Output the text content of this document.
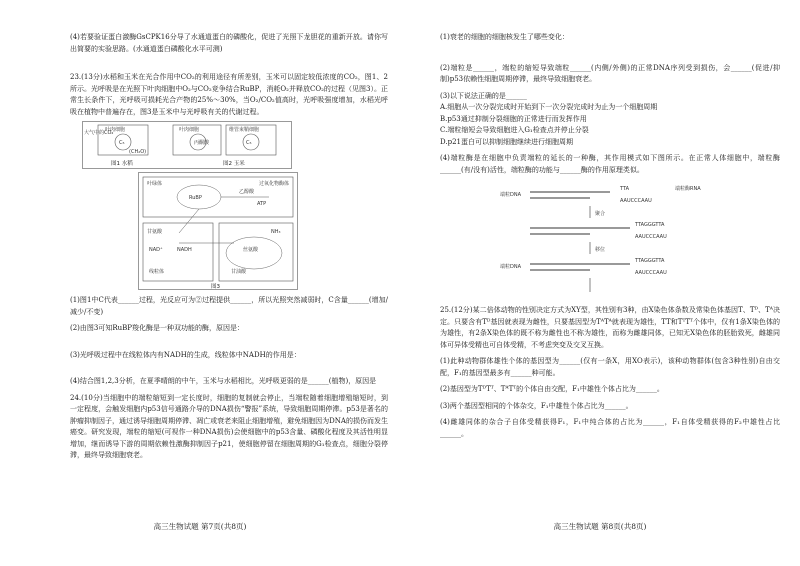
(4)若要验证蛋白激酶GsCPK16分导了水通道蛋白的磷酸化，促进了光照下龙胆花的重新开放。请你写出简要的实验思路。(水通道蛋白磷酸化水平可测)

23.(13分)水稻和玉米在光合作用中CO₂的利用途径有所差别，玉米可以固定较低浓度的CO₂，图1、2所示。光呼吸是在光照下叶肉细胞中O₂与CO₂竞争结合RuBP，消耗O₂并释放CO₂的过程（见图3）。正常生长条件下，光呼吸可损耗光合产物的25%～30%，当O₂/CO₂值高时，光呼吸强度增加，水稻光呼吸在植物中普遍存在，图3是玉米中与光呼吸有关的代谢过程。

大气中的CO₂
叶肉细胞	叶肉细胞	维管束鞘细胞
C₅	丙酮酸	C₅
(CH₂O)
图1 水稻	图2 玉米
叶绿体	过氧化物酶体
RuBP
乙醇酸
ATP
甘氨酸
NAD⁺	NADH
线粒体
丝氨酸
NH₃
甘油酸
图3

(1)图1中C代表______过程，光反应可为②过程提供______，所以光照突然减弱时，C含量______(增加/减少/不变)

(2)由图3可知RuBP羧化酶是一种双功能的酶，原因是：

(3)光呼吸过程中在线粒体内有NADH的生成，线粒体中NADH的作用是：

(4)结合图1,2,3分析，在夏季晴朗的中午，玉米与水稻相比，光呼吸更弱的是______(植物)，原因是

24.(10分)当细胞中的端粒缩短到一定长度时，细胞的复制就会停止，当端粒随着细胞增殖缩短时，到一定程度，会触发细胞内p53信号通路介导的DNA损伤“警报”系统，导致细胞周期停滞。p53是著名的肿瘤抑制因子，通过诱导细胞周期停滞、凋亡或衰老来阻止细胞增殖，避免细胞因为DNA的损伤而发生癌变。研究发现，端粒的缩短(可视作一种DNA损伤)会使细胞中的p53含量、磷酸化程度及其活性明显增加，继而诱导下游的周期依赖性激酶抑制因子p21，使细胞停留在细胞周期的G₁检查点，细胞分裂停滞，最终导致细胞衰老。

高三生物试题 第7页(共8页)

(1)衰老的细胞的细胞核发生了哪些变化：

(2)端粒是______，端粒的缩短导致端粒______(内侧/外侧)的正常DNA序列受到损伤，会______(促进/抑制)p53依赖性细胞周期停滞，最终导致细胞衰老。

(3)以下说法正确的是______

A.细胞从一次分裂完成时开始到下一次分裂完成时为止为一个细胞周期

B.p53通过抑制分裂细胞的正常进行而发挥作用

C.端粒缩短会导致细胞进入G₁检查点并停止分裂

D.p21蛋白可以抑制细胞继续进行细胞周期

(4)端粒酶是在细胞中负责端粒的延长的一种酶，其作用模式如下图所示。在正常人体细胞中，端粒酶______(有/没有)活性，端粒酶的功能与______酶的作用原理类似。

TTA
AAUCCCAAU
端粒DNA
端粒酶RNA
聚合
TTAGGGTTA
AAUCCCAAU
移位
TTAGGGTTA
AAUCCCAAU
端粒DNA

25.(12分)某二倍体动物的性别决定方式为XY型，其性别有3种，由X染色体条数及常染色体基因T、Tᴰ、Tᴬ决定。只要含有Tᴰ基因就表现为雌性，只要基因型为TᴬTᴬ就表现为雄性，TT和TᵀTᵀ个体中，仅有1条X染色体的为雄性，有2条X染色体的既不称为雌性也不称为雄性，而称为雌雄同体，已知无X染色体的胚胎致死，雌雄同体可异体受精也可自体受精，不考虑突变及交叉互换。

(1)此种动物群体雄性个体的基因型为______(仅有一条X，用XO表示)，该种动物群体(包含3种性别)自由交配，F₁的基因型最多有______种可能。

(2)基因型为TᴰTᵀ、TᴬTᵀ的个体自由交配，F₁中雄性个体占比为______。

(3)两个基因型相同的个体杂交，F₁中雄性个体占比为______。

(4)雌雄同体的杂合子自体受精获得F₁，F₁中纯合体的占比为______，F₁自体受精获得的F₂中雄性占比______。

高三生物试题 第8页(共8页)
